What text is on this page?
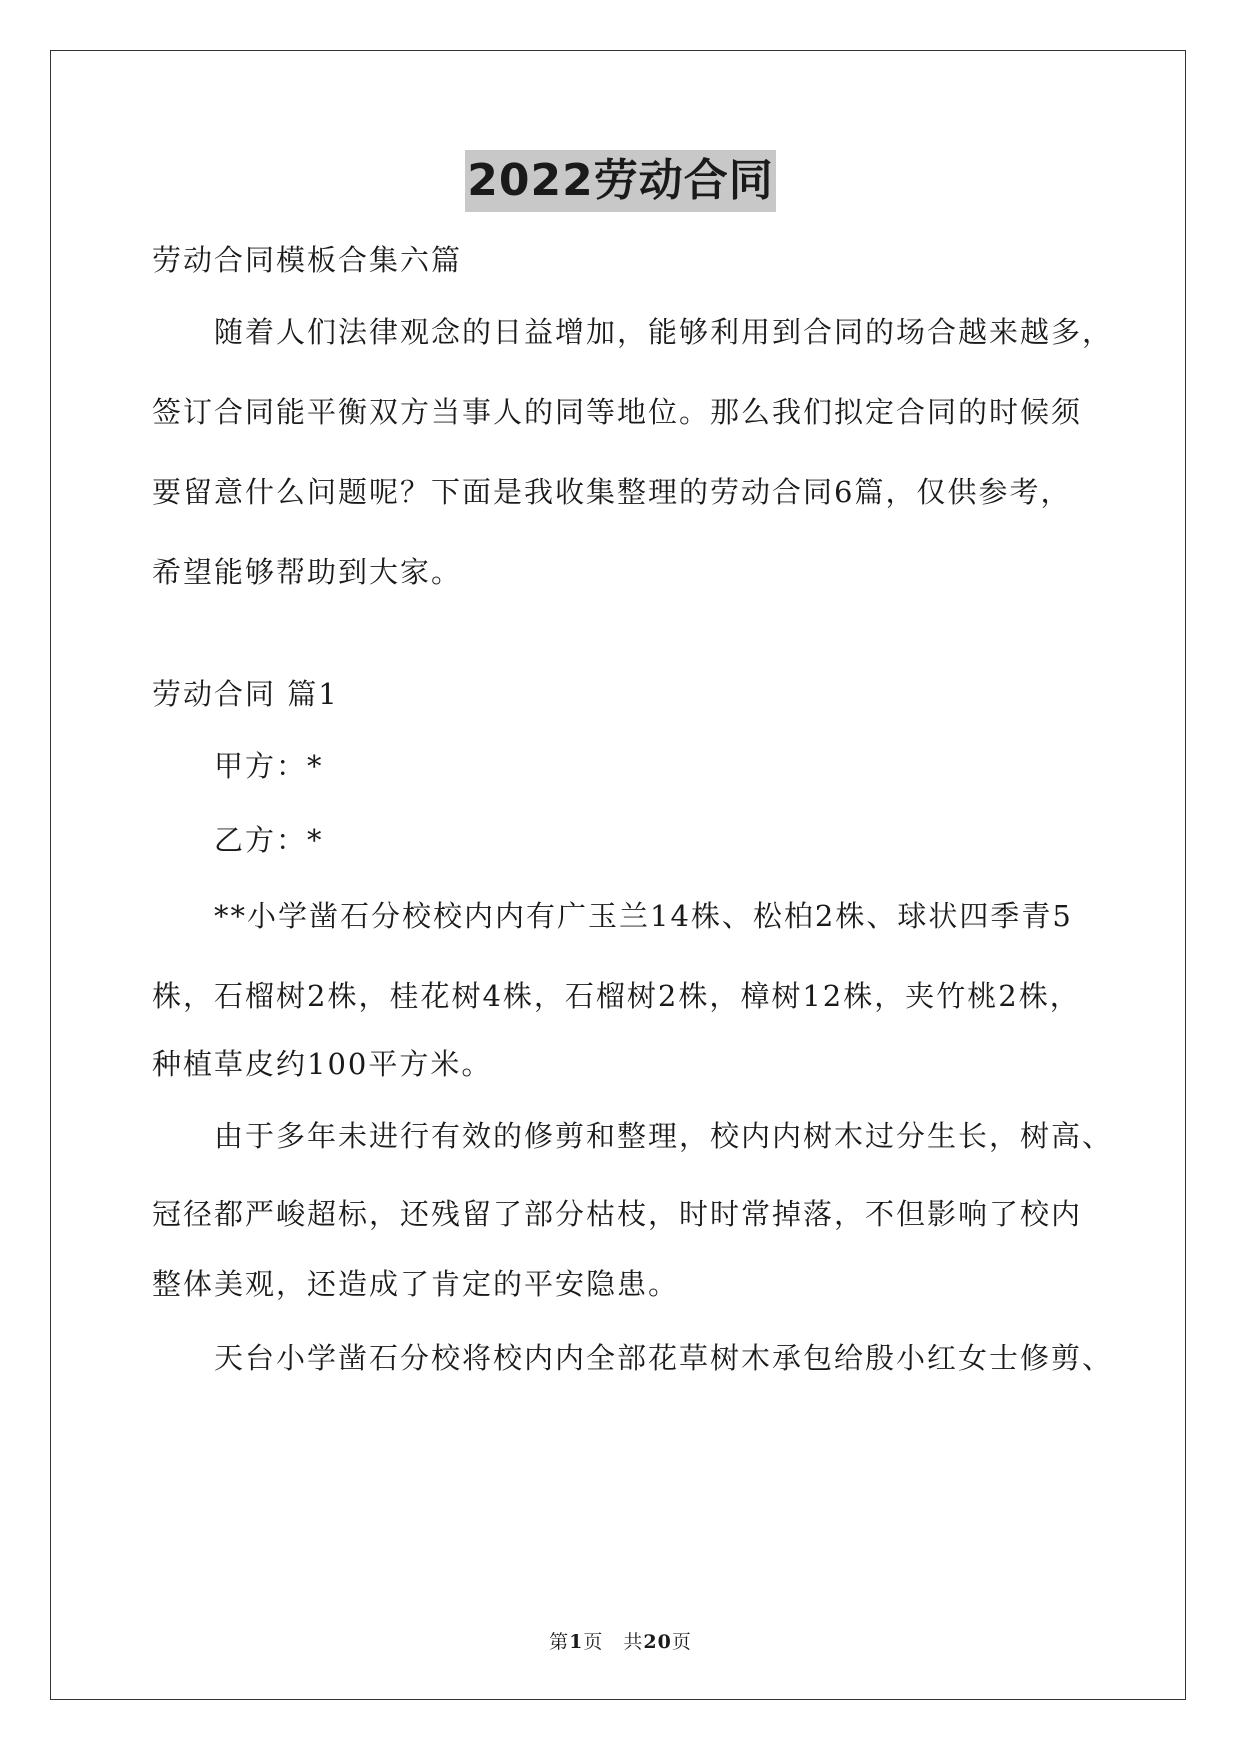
2022劳动合同

劳动合同模板合集六篇

随着人们法律观念的日益增加，能够利用到合同的场合越来越多，
签订合同能平衡双方当事人的同等地位。那么我们拟定合同的时候须
要留意什么问题呢？下面是我收集整理的劳动合同6篇，仅供参考，
希望能够帮助到大家。

劳动合同 篇1

甲方：*

乙方：*

**小学凿石分校校内内有广玉兰14株、松柏2株、球状四季青5
株，石榴树2株，桂花树4株，石榴树2株，樟树12株，夹竹桃2株，
种植草皮约100平方米。
由于多年未进行有效的修剪和整理，校内内树木过分生长，树高、
冠径都严峻超标，还残留了部分枯枝，时时常掉落，不但影响了校内
整体美观，还造成了肯定的平安隐患。
天台小学凿石分校将校内内全部花草树木承包给殷小红女士修剪、
第1页　共20页
